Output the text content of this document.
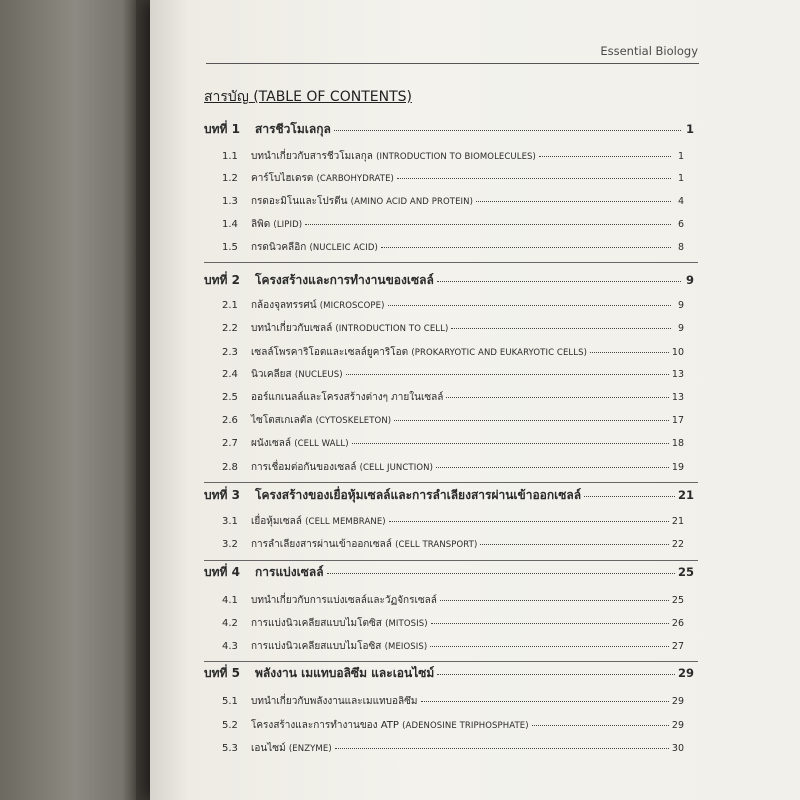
Essential Biology
สารบัญ (TABLE OF CONTENTS)
บทที่ 1	สารชีวโมเลกุล	1
1.1	บทนำเกี่ยวกับสารชีวโมเลกุล (INTRODUCTION TO BIOMOLECULES)	1
1.2	คาร์โบไฮเดรต (CARBOHYDRATE)	1
1.3	กรดอะมิโนและโปรตีน (AMINO ACID AND PROTEIN)	4
1.4	ลิพิด (LIPID)	6
1.5	กรดนิวคลีอิก (NUCLEIC ACID)	8
บทที่ 2	โครงสร้างและการทำงานของเซลล์	9
2.1	กล้องจุลทรรศน์ (MICROSCOPE)	9
2.2	บทนำเกี่ยวกับเซลล์ (INTRODUCTION TO CELL)	9
2.3	เซลล์โพรคาริโอตและเซลล์ยูคาริโอต (PROKARYOTIC AND EUKARYOTIC CELLS)	10
2.4	นิวเคลียส (NUCLEUS)	13
2.5	ออร์แกเนลล์และโครงสร้างต่างๆ ภายในเซลล์	13
2.6	ไซโตสเกเลตัล (CYTOSKELETON)	17
2.7	ผนังเซลล์ (CELL WALL)	18
2.8	การเชื่อมต่อกันของเซลล์ (CELL JUNCTION)	19
บทที่ 3	โครงสร้างของเยื่อหุ้มเซลล์และการลำเลียงสารผ่านเข้าออกเซลล์	21
3.1	เยื่อหุ้มเซลล์ (CELL MEMBRANE)	21
3.2	การลำเลียงสารผ่านเข้าออกเซลล์ (CELL TRANSPORT)	22
บทที่ 4	การแบ่งเซลล์	25
4.1	บทนำเกี่ยวกับการแบ่งเซลล์และวัฏจักรเซลล์	25
4.2	การแบ่งนิวเคลียสแบบไมโตซิส (MITOSIS)	26
4.3	การแบ่งนิวเคลียสแบบไมโอซิส (MEIOSIS)	27
บทที่ 5	พลังงาน เมแทบอลิซึม และเอนไซม์	29
5.1	บทนำเกี่ยวกับพลังงานและเมแทบอลิซึม	29
5.2	โครงสร้างและการทำงานของ ATP (ADENOSINE TRIPHOSPHATE)	29
5.3	เอนไซม์ (ENZYME)	30
